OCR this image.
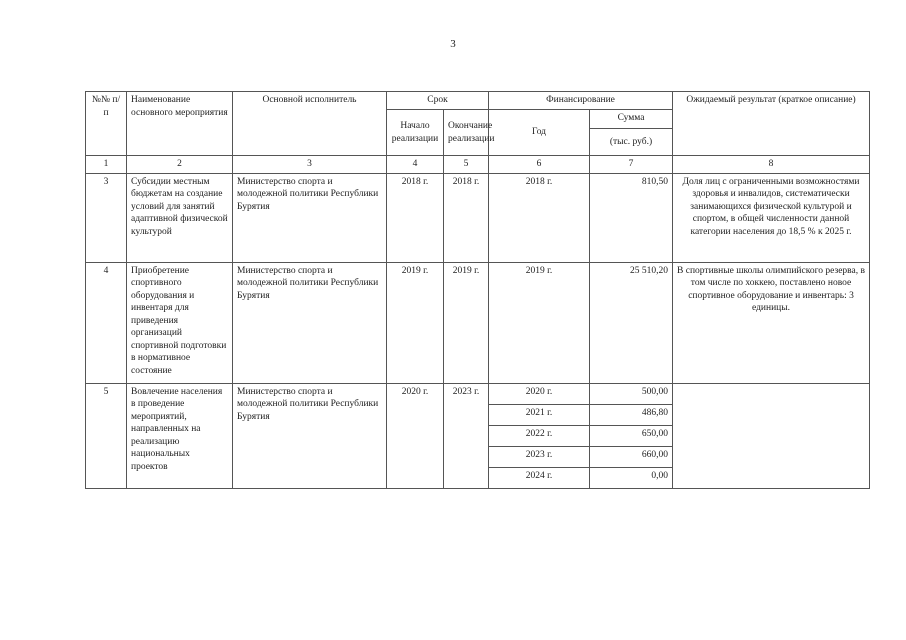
3
№№ п/п	Наименование основного мероприятия	Основной исполнитель	Срок		Финансирование		Ожидаемый результат (краткое описание)
			Начало реализации	Окончание реализации	Год	Сумма	
						(тыс. руб.)	
1	2	3	4	5	6	7	8
3	Субсидии местным бюджетам на создание условий для занятий адаптивной физической культурой	Министерство спорта и молодежной политики Республики Бурятия	2018 г.	2018 г.	2018 г.	810,50	Доля лиц с ограниченными возможностями здоровья и инвалидов, систематически занимающихся физической культурой и спортом, в общей численности данной категории населения до 18,5 % к 2025 г.
4	Приобретение спортивного оборудования и инвентаря для приведения организаций спортивной подготовки в нормативное состояние	Министерство спорта и молодежной политики Республики Бурятия	2019 г.	2019 г.	2019 г.	25 510,20	В спортивные школы олимпийского резерва, в том числе по хоккею, поставлено новое спортивное оборудование и инвентарь: 3 единицы.
5	Вовлечение населения в проведение мероприятий, направленных на реализацию национальных проектов	Министерство спорта и молодежной политики Республики Бурятия	2020 г.	2023 г.	2020 г.	500,00	
					2021 г.	486,80	
					2022 г.	650,00	
					2023 г.	660,00	
					2024 г.	0,00	
